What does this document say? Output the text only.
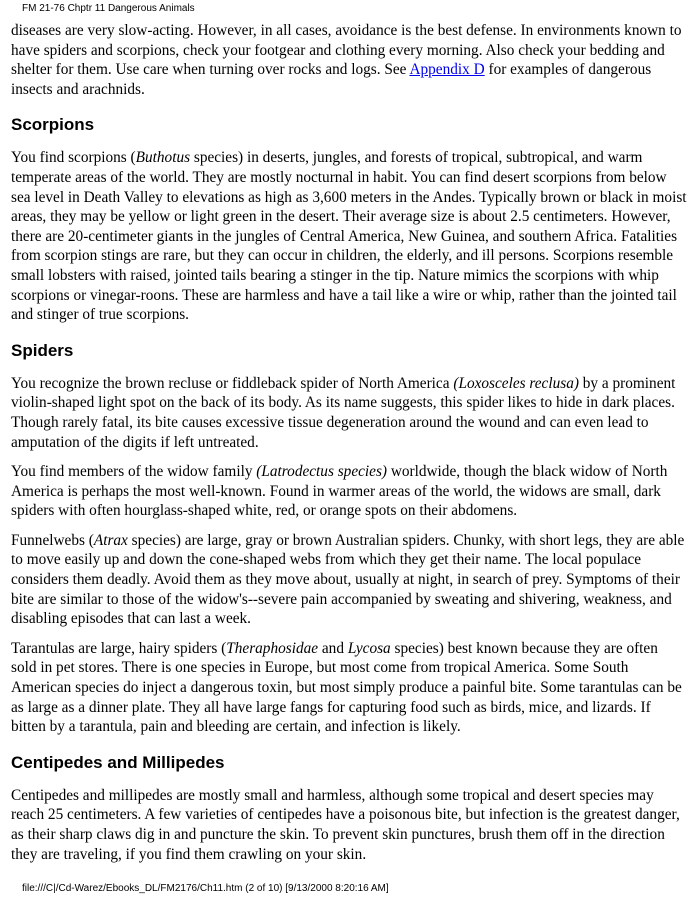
FM 21-76 Chptr 11 Dangerous Animals

diseases are very slow-acting. However, in all cases, avoidance is the best defense. In environments known to have spiders and scorpions, check your footgear and clothing every morning. Also check your bedding and shelter for them. Use care when turning over rocks and logs. See Appendix D for examples of dangerous insects and arachnids.

Scorpions

You find scorpions (Buthotus species) in deserts, jungles, and forests of tropical, subtropical, and warm temperate areas of the world. They are mostly nocturnal in habit. You can find desert scorpions from below sea level in Death Valley to elevations as high as 3,600 meters in the Andes. Typically brown or black in moist areas, they may be yellow or light green in the desert. Their average size is about 2.5 centimeters. However, there are 20-centimeter giants in the jungles of Central America, New Guinea, and southern Africa. Fatalities from scorpion stings are rare, but they can occur in children, the elderly, and ill persons. Scorpions resemble small lobsters with raised, jointed tails bearing a stinger in the tip. Nature mimics the scorpions with whip scorpions or vinegar-roons. These are harmless and have a tail like a wire or whip, rather than the jointed tail and stinger of true scorpions.

Spiders

You recognize the brown recluse or fiddleback spider of North America (Loxosceles reclusa) by a prominent violin-shaped light spot on the back of its body. As its name suggests, this spider likes to hide in dark places. Though rarely fatal, its bite causes excessive tissue degeneration around the wound and can even lead to amputation of the digits if left untreated.

You find members of the widow family (Latrodectus species) worldwide, though the black widow of North America is perhaps the most well-known. Found in warmer areas of the world, the widows are small, dark spiders with often hourglass-shaped white, red, or orange spots on their abdomens.

Funnelwebs (Atrax species) are large, gray or brown Australian spiders. Chunky, with short legs, they are able to move easily up and down the cone-shaped webs from which they get their name. The local populace considers them deadly. Avoid them as they move about, usually at night, in search of prey. Symptoms of their bite are similar to those of the widow's--severe pain accompanied by sweating and shivering, weakness, and disabling episodes that can last a week.

Tarantulas are large, hairy spiders (Theraphosidae and Lycosa species) best known because they are often sold in pet stores. There is one species in Europe, but most come from tropical America. Some South American species do inject a dangerous toxin, but most simply produce a painful bite. Some tarantulas can be as large as a dinner plate. They all have large fangs for capturing food such as birds, mice, and lizards. If bitten by a tarantula, pain and bleeding are certain, and infection is likely.

Centipedes and Millipedes

Centipedes and millipedes are mostly small and harmless, although some tropical and desert species may reach 25 centimeters. A few varieties of centipedes have a poisonous bite, but infection is the greatest danger, as their sharp claws dig in and puncture the skin. To prevent skin punctures, brush them off in the direction they are traveling, if you find them crawling on your skin.

file:///C|/Cd-Warez/Ebooks_DL/FM2176/Ch11.htm (2 of 10) [9/13/2000 8:20:16 AM]
